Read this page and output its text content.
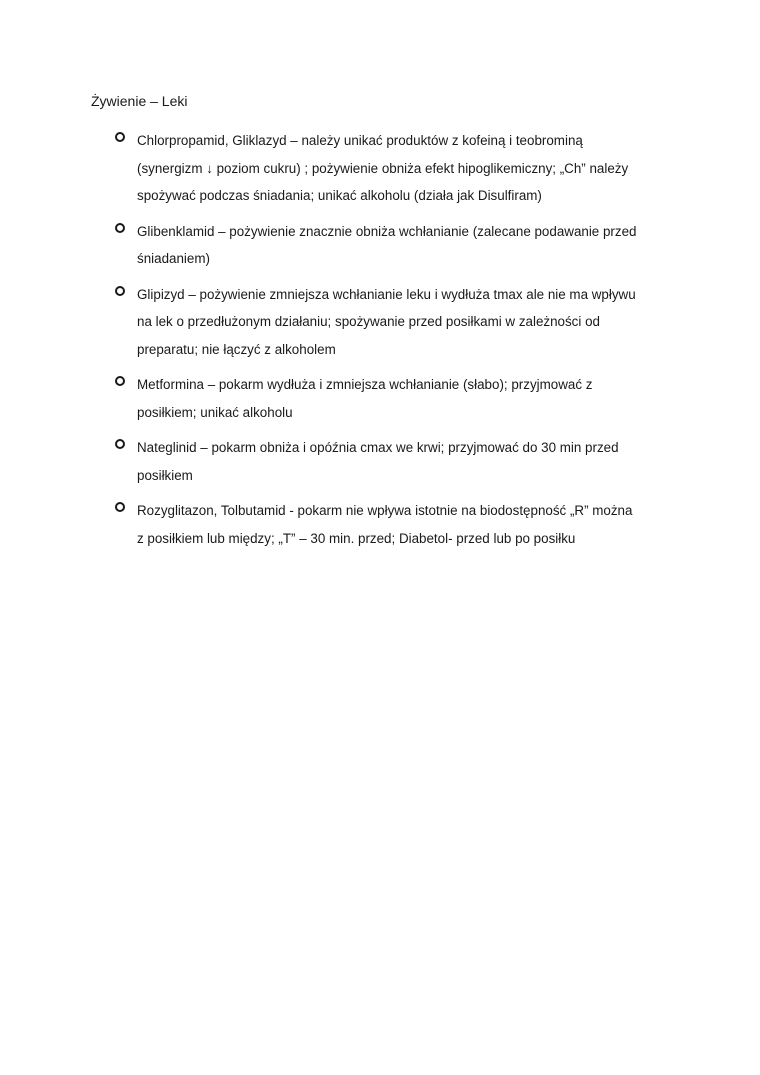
Żywienie – Leki
Chlorpropamid, Gliklazyd – należy unikać produktów z kofeiną i teobrominą
(synergizm ↓ poziom cukru) ; pożywienie obniża efekt hipoglikemiczny; „Ch” należy
spożywać podczas śniadania; unikać alkoholu (działa jak Disulfiram)
Glibenklamid – pożywienie znacznie obniża wchłanianie (zalecane podawanie przed
śniadaniem)
Glipizyd – pożywienie zmniejsza wchłanianie leku i wydłuża tmax ale nie ma wpływu
na lek o przedłużonym działaniu; spożywanie przed posiłkami w zależności od
preparatu; nie łączyć z alkoholem
Metformina – pokarm wydłuża i zmniejsza wchłanianie (słabo); przyjmować z
posiłkiem; unikać alkoholu
Nateglinid – pokarm obniża i opóźnia cmax we krwi; przyjmować do 30 min przed
posiłkiem
Rozyglitazon, Tolbutamid - pokarm nie wpływa istotnie na biodostępność „R” można
z posiłkiem lub między; „T” – 30 min. przed; Diabetol- przed lub po posiłku
